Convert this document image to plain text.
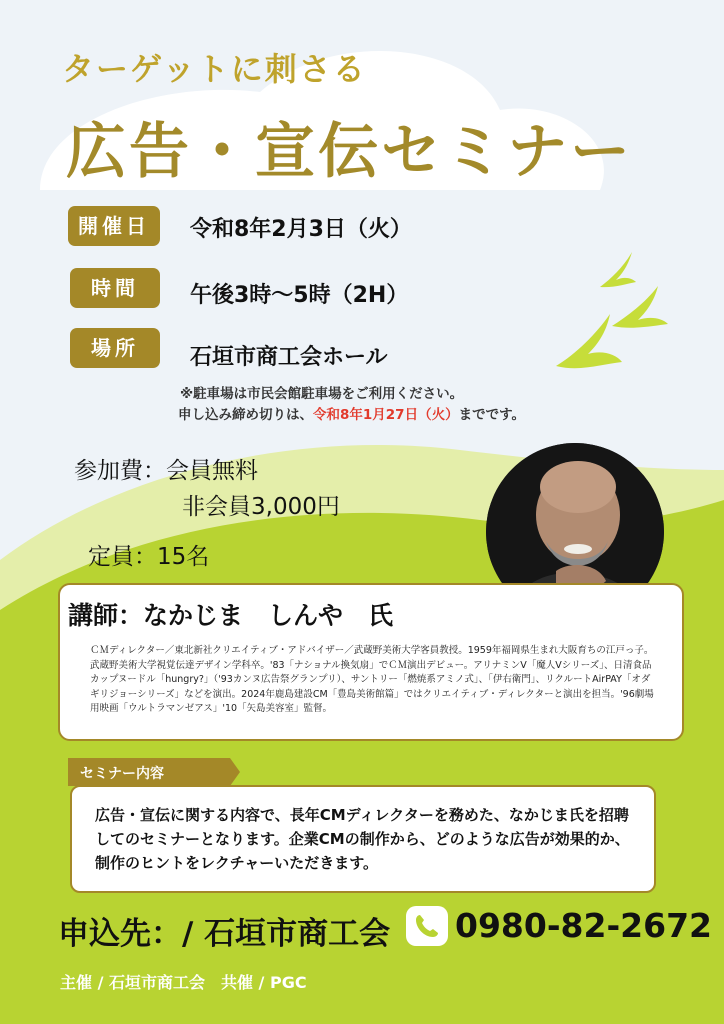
ターゲットに刺さる
広告・宣伝セミナー
開催日	令和8年2月3日（火）
時間	午後3時〜5時（2H）
場所	石垣市商工会ホール
※駐車場は市民会館駐車場をご利用ください。
申し込み締め切りは、令和8年1月27日（火）までです。
参加費：会員無料
非会員3,000円
定員：15名
講師：なかじま　しんや　氏
ＣＭディレクター／東北新社クリエイティブ・アドバイザー／武蔵野美術大学客員教授。1959年福岡県生まれ大阪育ちの江戸っ子。武蔵野美術大学視覚伝達デザイン学科卒。'83「ナショナル換気扇」でＣＭ演出デビュー。アリナミンV「魔人Vシリーズ」、日清食品カップヌードル「hungry?」（'93カンヌ広告祭グランプリ）、サントリー「燃焼系アミノ式」、「伊右衛門」、リクルートAirPAY「オダギリジョーシリーズ」などを演出。2024年鹿島建設CM「豊島美術館篇」ではクリエイティブ・ディレクターと演出を担当。'96劇場用映画「ウルトラマンゼアス」'10「矢島美容室」監督。
セミナー内容
広告・宣伝に関する内容で、長年CMディレクターを務めた、なかじま氏を招聘してのセミナーとなります。企業CMの制作から、どのような広告が効果的か、制作のヒントをレクチャーいただきます。
申込先：/ 石垣市商工会 0980-82-2672
主催 / 石垣市商工会　共催 / PGC
